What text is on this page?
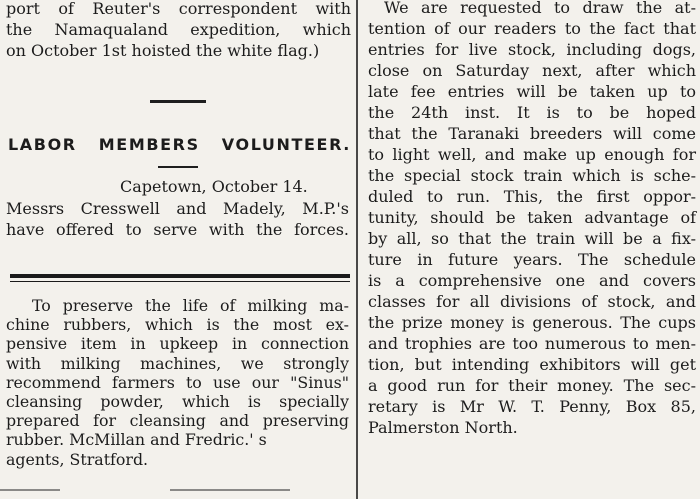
port of Reuter's correspondent with
the Namaqualand expedition, which
on October 1st hoisted the white flag.)
LABOR MEMBERS VOLUNTEER.
Capetown, October 14.
Messrs Cresswell and Madely, M.P.'s
have offered to serve with the forces.
To preserve the life of milking ma-
chine rubbers, which is the most ex-
pensive item in upkeep in connection
with milking machines, we strongly
recommend farmers to use our "Sinus"
cleansing powder, which is specially
prepared for cleansing and preserving
rubber. McMillan and Fredric.' s
agents, Stratford.
We are requested to draw the at-
tention of our readers to the fact that
entries for live stock, including dogs,
close on Saturday next, after which
late fee entries will be taken up to
the 24th inst. It is to be hoped
that the Taranaki breeders will come
to light well, and make up enough for
the special stock train which is sche-
duled to run. This, the first oppor-
tunity, should be taken advantage of
by all, so that the train will be a fix-
ture in future years. The schedule
is a comprehensive one and covers
classes for all divisions of stock, and
the prize money is generous. The cups
and trophies are too numerous to men-
tion, but intending exhibitors will get
a good run for their money. The sec-
retary is Mr W. T. Penny, Box 85,
Palmerston North.
